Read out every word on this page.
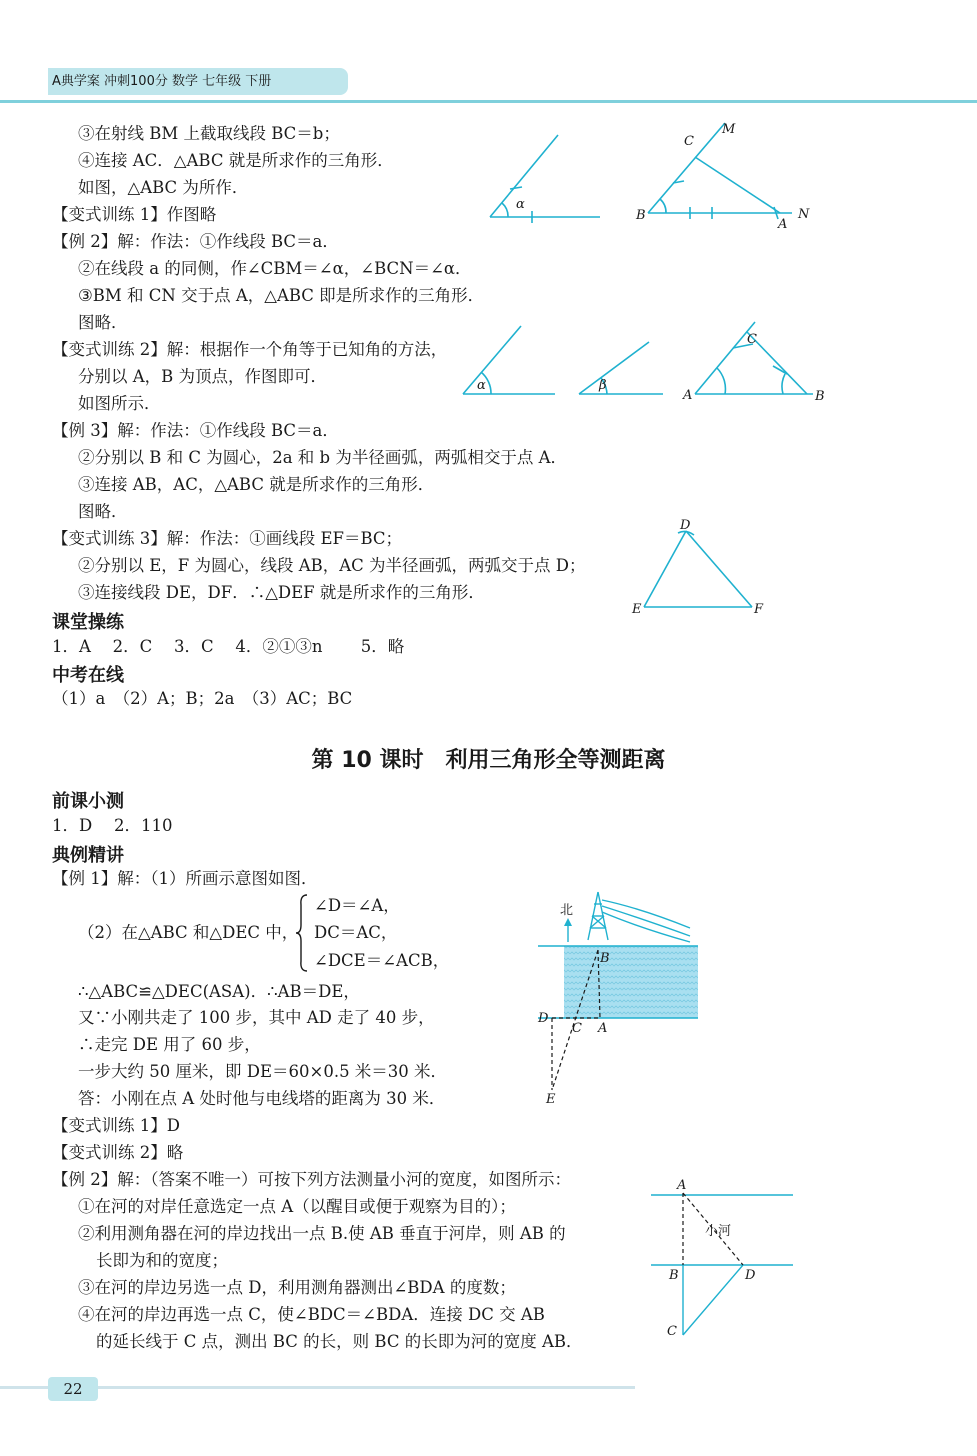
A典学案 冲刺100分 数学 七年级 下册
③在射线 BM 上截取线段 BC＝b；
④连接 AC．△ABC 就是所求作的三角形．
如图，△ABC 为所作．
【变式训练 1】作图略
【例 2】解：作法：①作线段 BC＝a．
②在线段 a 的同侧，作∠CBM＝∠α，∠BCN＝∠α．
③BM 和 CN 交于点 A，△ABC 即是所求作的三角形．
图略．
【变式训练 2】解：根据作一个角等于已知角的方法，
分别以 A，B 为顶点，作图即可．
如图所示．
【例 3】解：作法：①作线段 BC＝a．
②分别以 B 和 C 为圆心，2a 和 b 为半径画弧，两弧相交于点 A．
③连接 AB，AC，△ABC 就是所求作的三角形．
图略．
【变式训练 3】解：作法：①画线段 EF＝BC；
②分别以 E，F 为圆心，线段 AB，AC 为半径画弧，两弧交于点 D；
③连接线段 DE，DF．∴△DEF 就是所求作的三角形．
课堂操练
1．A　 2．C　 3．C　 4．②①③n　　 5．略
中考在线
（1）a　（2）A；B；2a　（3）AC；BC
第 10 课时　利用三角形全等测距离
前课小测
1．D　 2．110
典例精讲
【例 1】解：（1）所画示意图如图．
（2）在△ABC 和△DEC 中，
∠D＝∠A，
DC＝AC，
∠DCE＝∠ACB，
∴△ABC≌△DEC(ASA)．∴AB＝DE，
又∵小刚共走了 100 步，其中 AD 走了 40 步，
∴走完 DE 用了 60 步，
一步大约 50 厘米，即 DE＝60×0.5 米＝30 米．
答：小刚在点 A 处时他与电线塔的距离为 30 米．
【变式训练 1】D
【变式训练 2】略
【例 2】解：（答案不唯一）可按下列方法测量小河的宽度，如图所示：
①在河的对岸任意选定一点 A（以醒目或便于观察为目的）；
②利用测角器在河的岸边找出一点 B.使 AB 垂直于河岸，则 AB 的
长即为和的宽度；
③在河的岸边另选一点 D，利用测角器测出∠BDA 的度数；
④在河的岸边再选一点 C，使∠BDC＝∠BDA．连接 DC 交 AB
的延长线于 C 点，测出 BC 的长，则 BC 的长即为河的宽度 AB．
α
C
M
B
A
N
α	β
A	B
C
D
E	F
北
B
C A
D
E
A
小河
B	D
C
22
